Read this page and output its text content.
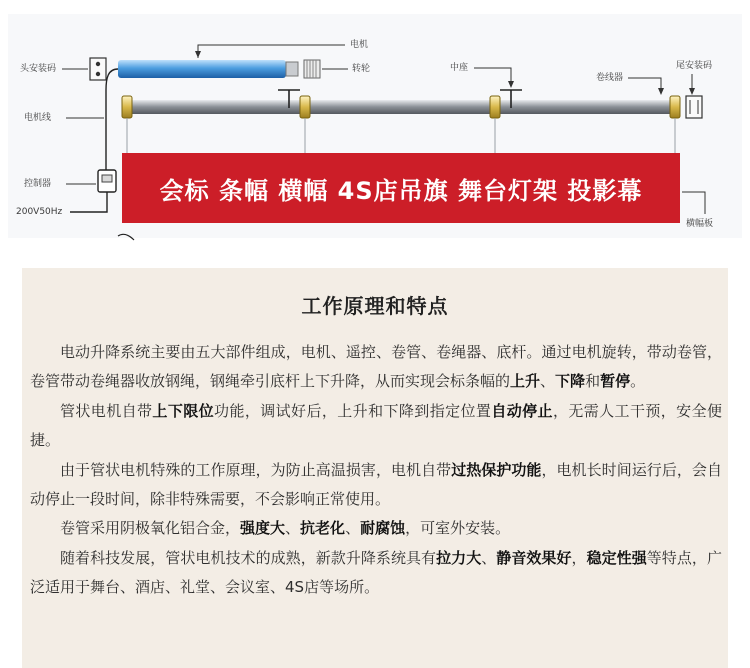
头安装码
电机线
控制器
200V50Hz
电机
转轮	中座
卷线器
尾安装码
横幅板
会标 条幅 横幅 4S店吊旗 舞台灯架 投影幕
工作原理和特点

电动升降系统主要由五大部件组成，电机、遥控、卷管、卷绳器、底杆。通过电机旋转，带动卷管，卷管带动卷绳器收放钢绳，钢绳牵引底杆上下升降，从而实现会标条幅的上升、下降和暂停。

管状电机自带上下限位功能，调试好后，上升和下降到指定位置自动停止，无需人工干预，安全便捷。

由于管状电机特殊的工作原理，为防止高温损害，电机自带过热保护功能，电机长时间运行后，会自动停止一段时间，除非特殊需要，不会影响正常使用。

卷管采用阴极氧化铝合金，强度大、抗老化、耐腐蚀，可室外安装。

随着科技发展，管状电机技术的成熟，新款升降系统具有拉力大、静音效果好，稳定性强等特点，广泛适用于舞台、酒店、礼堂、会议室、4S店等场所。
